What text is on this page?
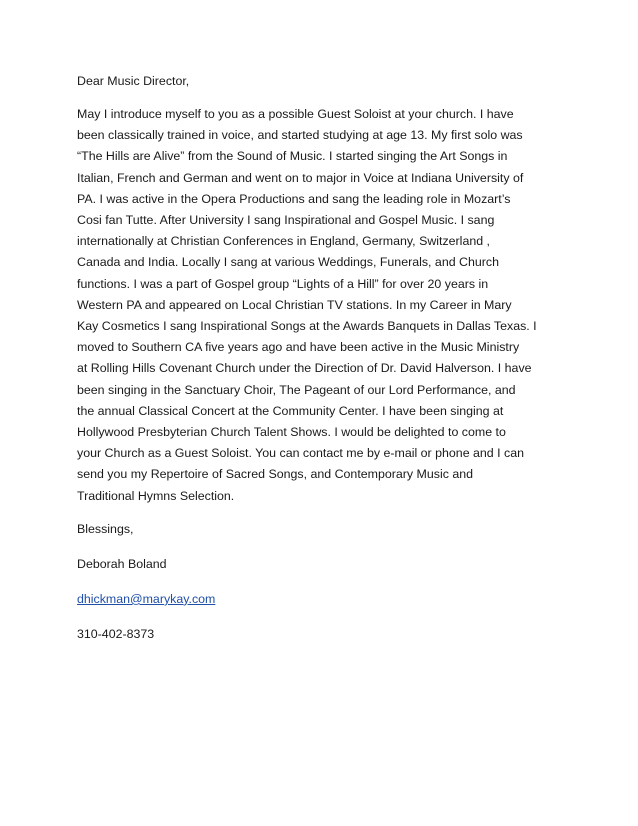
Dear Music Director,
May I introduce myself to you as a possible Guest Soloist at your church. I have
been classically trained in voice, and started studying at age 13. My first solo was
“The Hills are Alive” from the Sound of Music. I started singing the Art Songs in
Italian, French and German and went on to major in Voice at Indiana University of
PA. I was active in the Opera Productions and sang the leading role in Mozart’s
Cosi fan Tutte. After University I sang Inspirational and Gospel Music. I sang
internationally at Christian Conferences in England, Germany, Switzerland ,
Canada and India. Locally I sang at various Weddings, Funerals, and Church
functions. I was a part of Gospel group “Lights of a Hill” for over 20 years in
Western PA and appeared on Local Christian TV stations. In my Career in Mary
Kay Cosmetics I sang Inspirational Songs at the Awards Banquets in Dallas Texas. I
moved to Southern CA five years ago and have been active in the Music Ministry
at Rolling Hills Covenant Church under the Direction of Dr. David Halverson. I have
been singing in the Sanctuary Choir, The Pageant of our Lord Performance, and
the annual Classical Concert at the Community Center. I have been singing at
Hollywood Presbyterian Church Talent Shows. I would be delighted to come to
your Church as a Guest Soloist. You can contact me by e-mail or phone and I can
send you my Repertoire of Sacred Songs, and Contemporary Music and
Traditional Hymns Selection.
Blessings,
Deborah Boland
dhickman@marykay.com
310-402-8373
